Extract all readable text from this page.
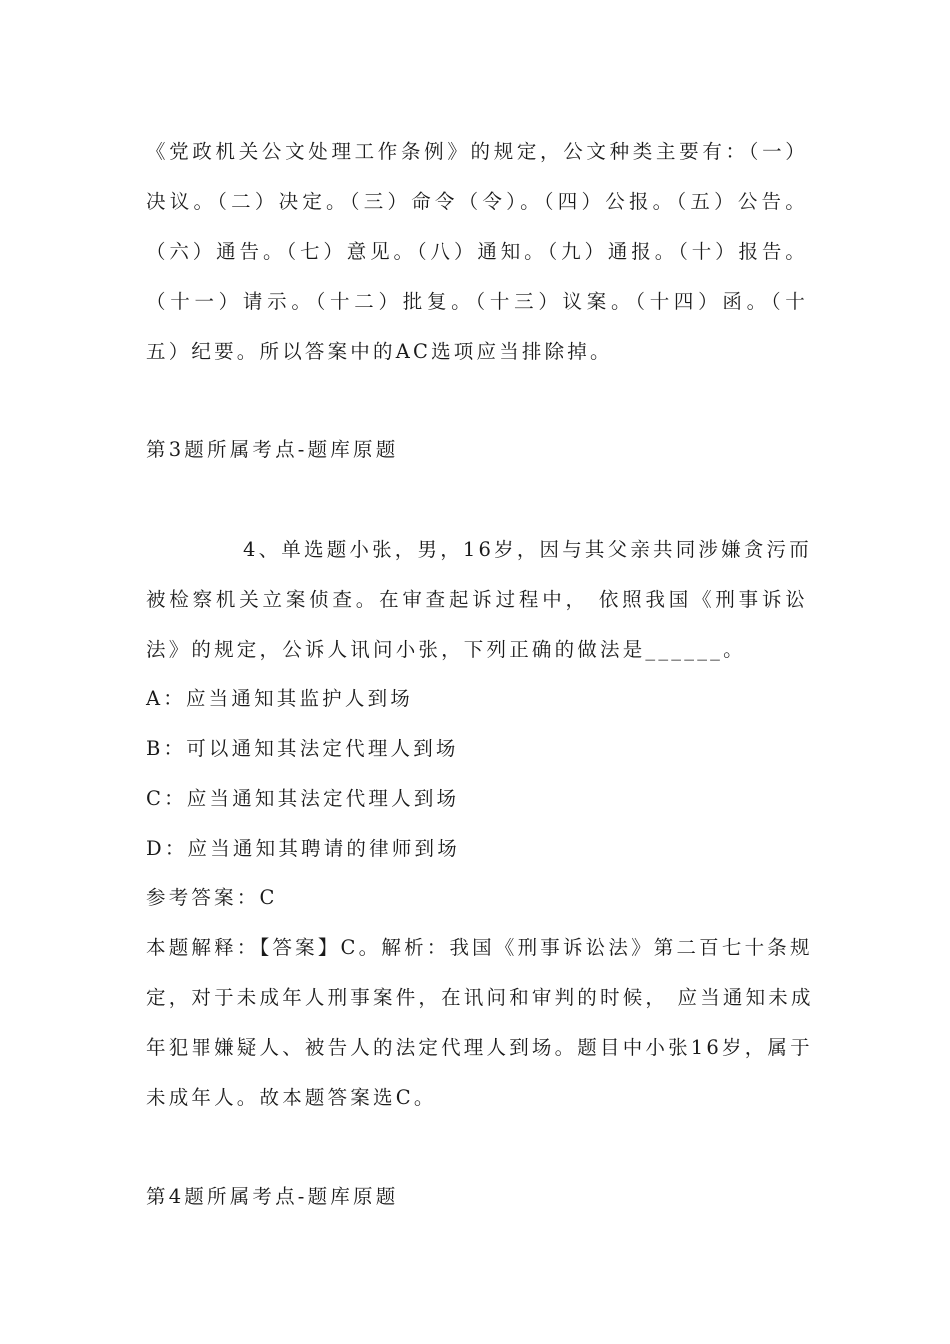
《党政机关公文处理工作条例》的规定，公文种类主要有：（一）
决议。（二）决定。（三）命令（令）。（四）公报。（五）公告。
（六）通告。（七）意见。（八）通知。（九）通报。（十）报告。
（十一）请示。（十二）批复。（十三）议案。（十四）函。（十
五）纪要。所以答案中的AC选项应当排除掉。
第3题所属考点-题库原题
4、单选题小张，男，16岁，因与其父亲共同涉嫌贪污而
被检察机关立案侦查。在审查起诉过程中， 依照我国《刑事诉讼
法》的规定，公诉人讯问小张，下列正确的做法是______。
A：应当通知其监护人到场
B：可以通知其法定代理人到场
C：应当通知其法定代理人到场
D：应当通知其聘请的律师到场
参考答案：C
本题解释：【答案】C。解析：我国《刑事诉讼法》第二百七十条规
定，对于未成年人刑事案件，在讯问和审判的时候， 应当通知未成
年犯罪嫌疑人、被告人的法定代理人到场。题目中小张16岁，属于
未成年人。故本题答案选C。
第4题所属考点-题库原题
